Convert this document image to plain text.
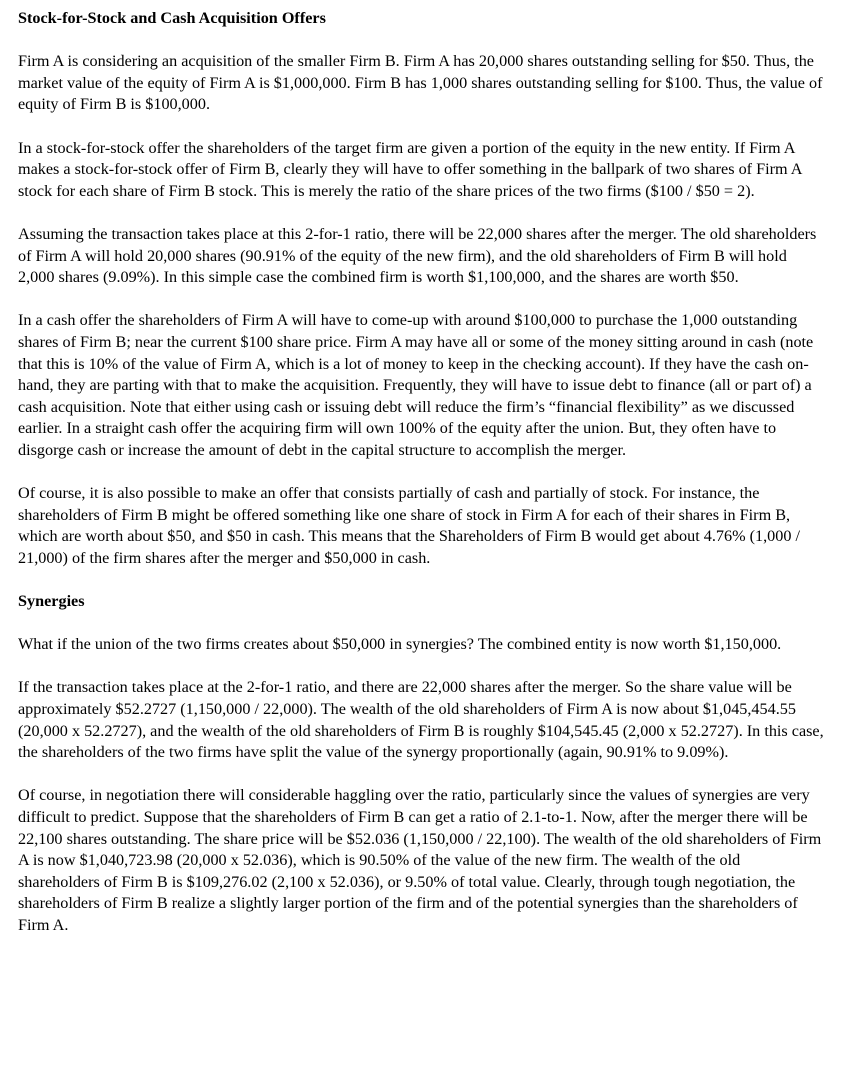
Stock-for-Stock and Cash Acquisition Offers

Firm A is considering an acquisition of the smaller Firm B. Firm A has 20,000 shares outstanding selling for $50. Thus, the market value of the equity of Firm A is $1,000,000. Firm B has 1,000 shares outstanding selling for $100. Thus, the value of equity of Firm B is $100,000.

In a stock-for-stock offer the shareholders of the target firm are given a portion of the equity in the new entity. If Firm A makes a stock-for-stock offer of Firm B, clearly they will have to offer something in the ballpark of two shares of Firm A stock for each share of Firm B stock. This is merely the ratio of the share prices of the two firms ($100 / $50 = 2).

Assuming the transaction takes place at this 2-for-1 ratio, there will be 22,000 shares after the merger. The old shareholders of Firm A will hold 20,000 shares (90.91% of the equity of the new firm), and the old shareholders of Firm B will hold 2,000 shares (9.09%). In this simple case the combined firm is worth $1,100,000, and the shares are worth $50.

In a cash offer the shareholders of Firm A will have to come-up with around $100,000 to purchase the 1,000 outstanding shares of Firm B; near the current $100 share price. Firm A may have all or some of the money sitting around in cash (note that this is 10% of the value of Firm A, which is a lot of money to keep in the checking account). If they have the cash on-hand, they are parting with that to make the acquisition. Frequently, they will have to issue debt to finance (all or part of) a cash acquisition. Note that either using cash or issuing debt will reduce the firm’s “financial flexibility” as we discussed earlier. In a straight cash offer the acquiring firm will own 100% of the equity after the union. But, they often have to disgorge cash or increase the amount of debt in the capital structure to accomplish the merger.

Of course, it is also possible to make an offer that consists partially of cash and partially of stock. For instance, the shareholders of Firm B might be offered something like one share of stock in Firm A for each of their shares in Firm B, which are worth about $50, and $50 in cash. This means that the Shareholders of Firm B would get about 4.76% (1,000 / 21,000) of the firm shares after the merger and $50,000 in cash.

Synergies

What if the union of the two firms creates about $50,000 in synergies? The combined entity is now worth $1,150,000.

If the transaction takes place at the 2-for-1 ratio, and there are 22,000 shares after the merger. So the share value will be approximately $52.2727 (1,150,000 / 22,000). The wealth of the old shareholders of Firm A is now about $1,045,454.55 (20,000 x 52.2727), and the wealth of the old shareholders of Firm B is roughly $104,545.45 (2,000 x 52.2727). In this case, the shareholders of the two firms have split the value of the synergy proportionally (again, 90.91% to 9.09%).

Of course, in negotiation there will considerable haggling over the ratio, particularly since the values of synergies are very difficult to predict. Suppose that the shareholders of Firm B can get a ratio of 2.1-to-1. Now, after the merger there will be 22,100 shares outstanding. The share price will be $52.036 (1,150,000 / 22,100). The wealth of the old shareholders of Firm A is now $1,040,723.98 (20,000 x 52.036), which is 90.50% of the value of the new firm. The wealth of the old shareholders of Firm B is $109,276.02 (2,100 x 52.036), or 9.50% of total value. Clearly, through tough negotiation, the shareholders of Firm B realize a slightly larger portion of the firm and of the potential synergies than the shareholders of Firm A.
